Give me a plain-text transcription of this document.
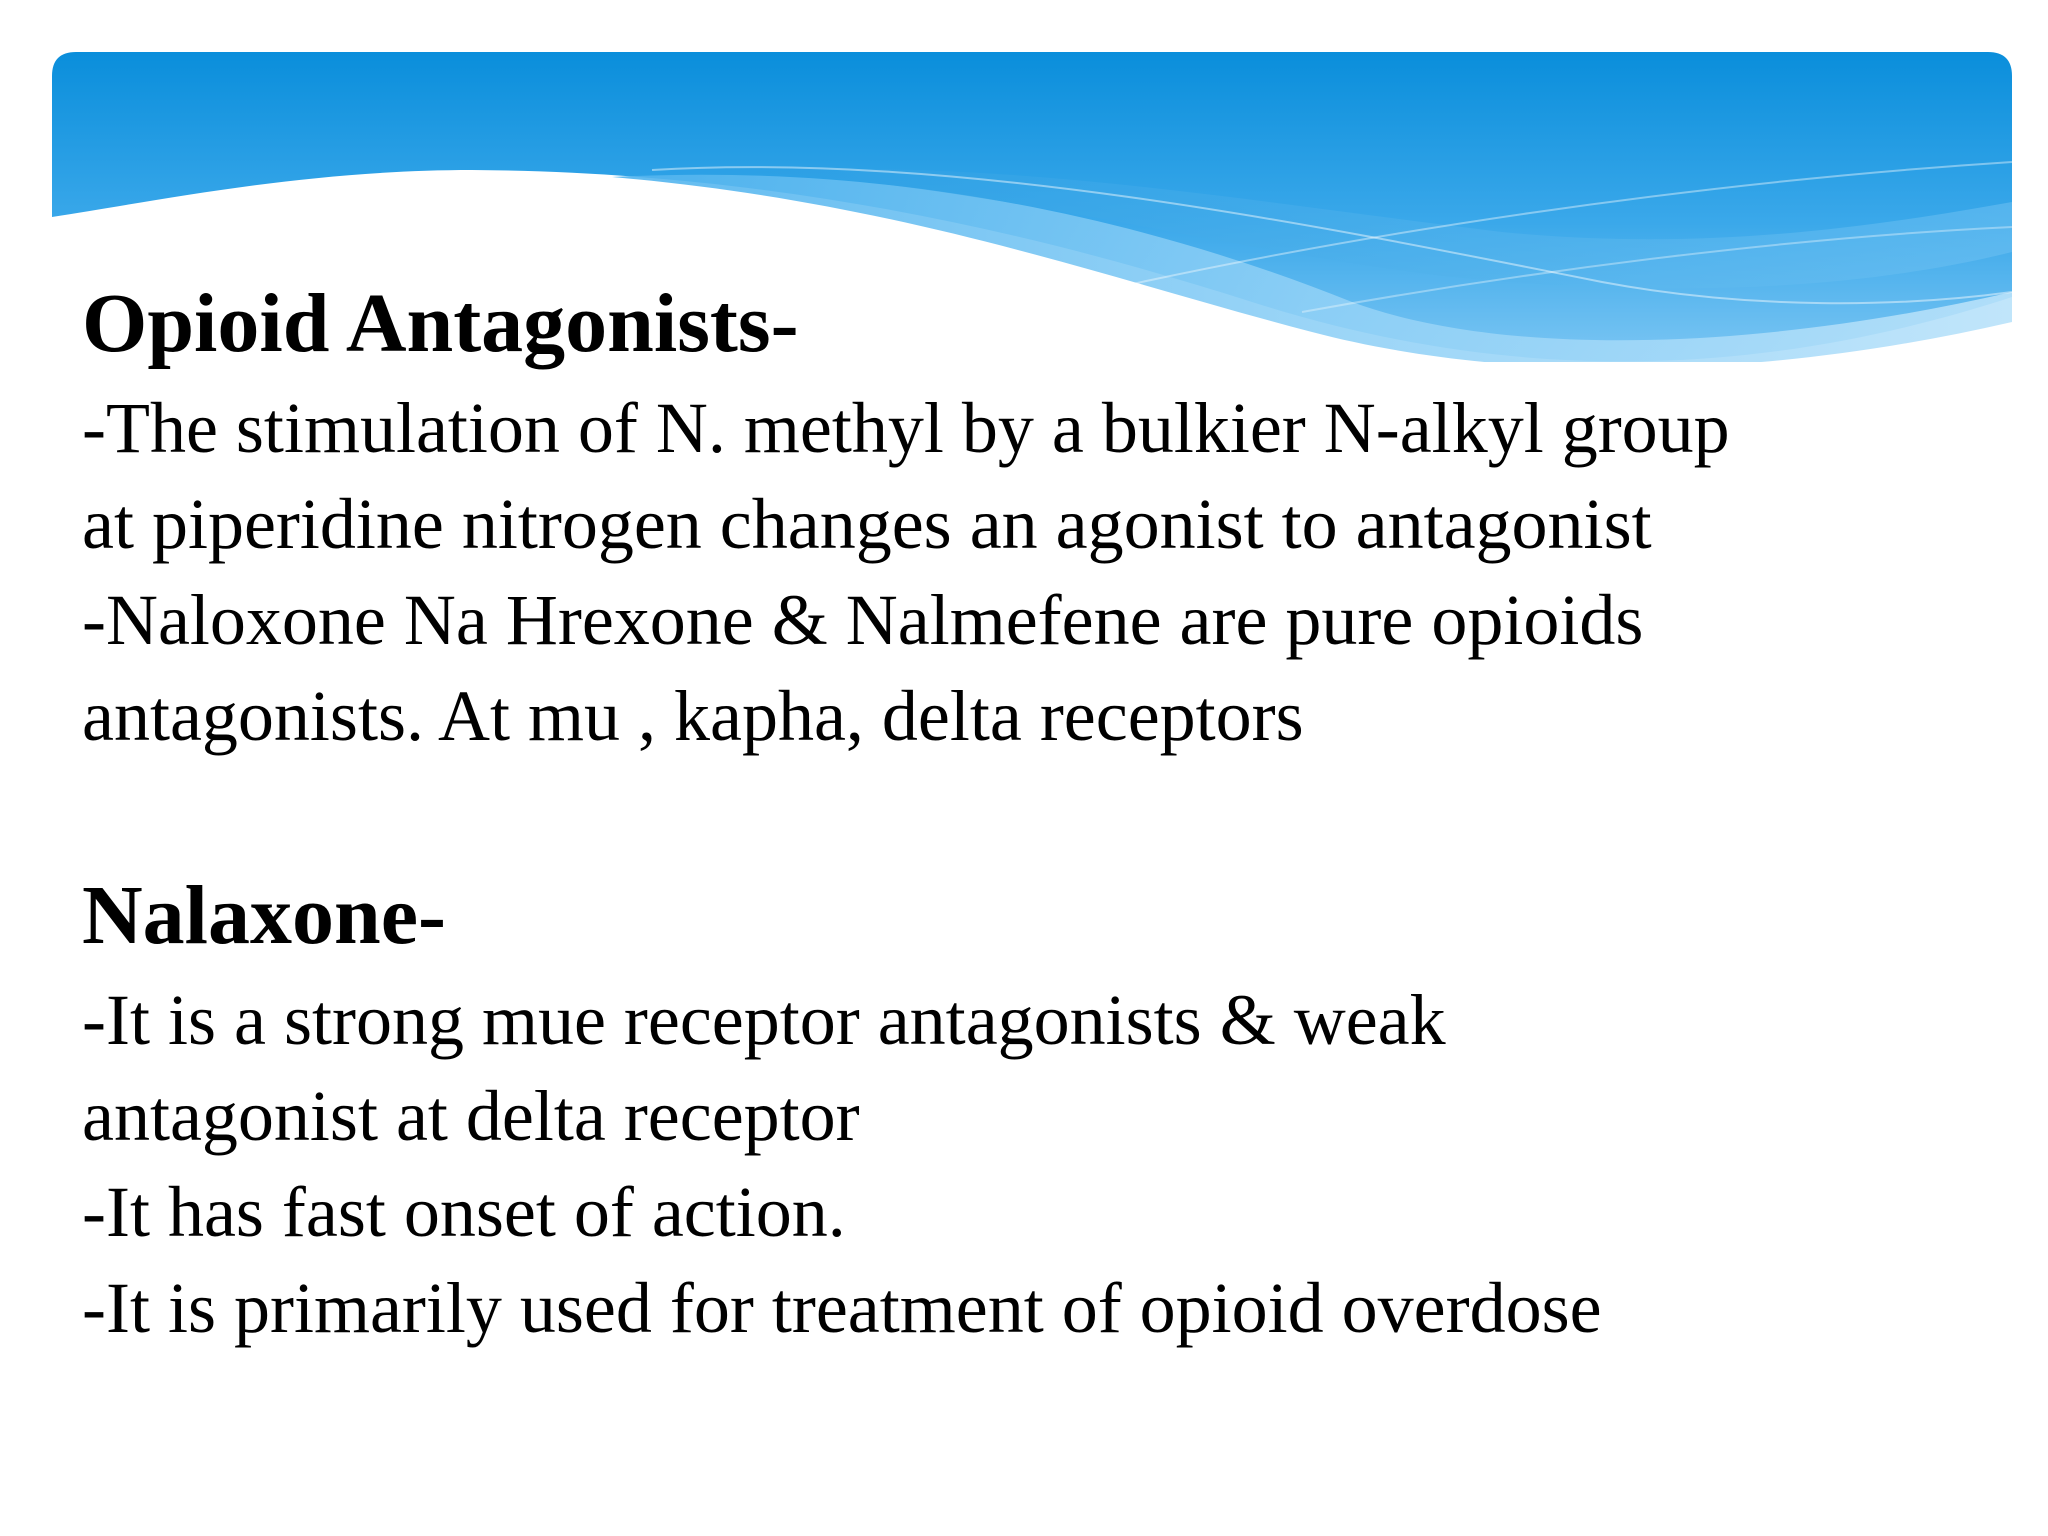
Opioid Antagonists-

-The stimulation of N. methyl by a bulkier N-alkyl group

at piperidine nitrogen changes an agonist to antagonist

-Naloxone Na Hrexone & Nalmefene are pure opioids

antagonists. At mu , kapha, delta receptors

Nalaxone-

-It is a strong mue receptor antagonists & weak

antagonist at delta receptor

-It has fast onset of action.

-It is primarily used for treatment of opioid overdose
